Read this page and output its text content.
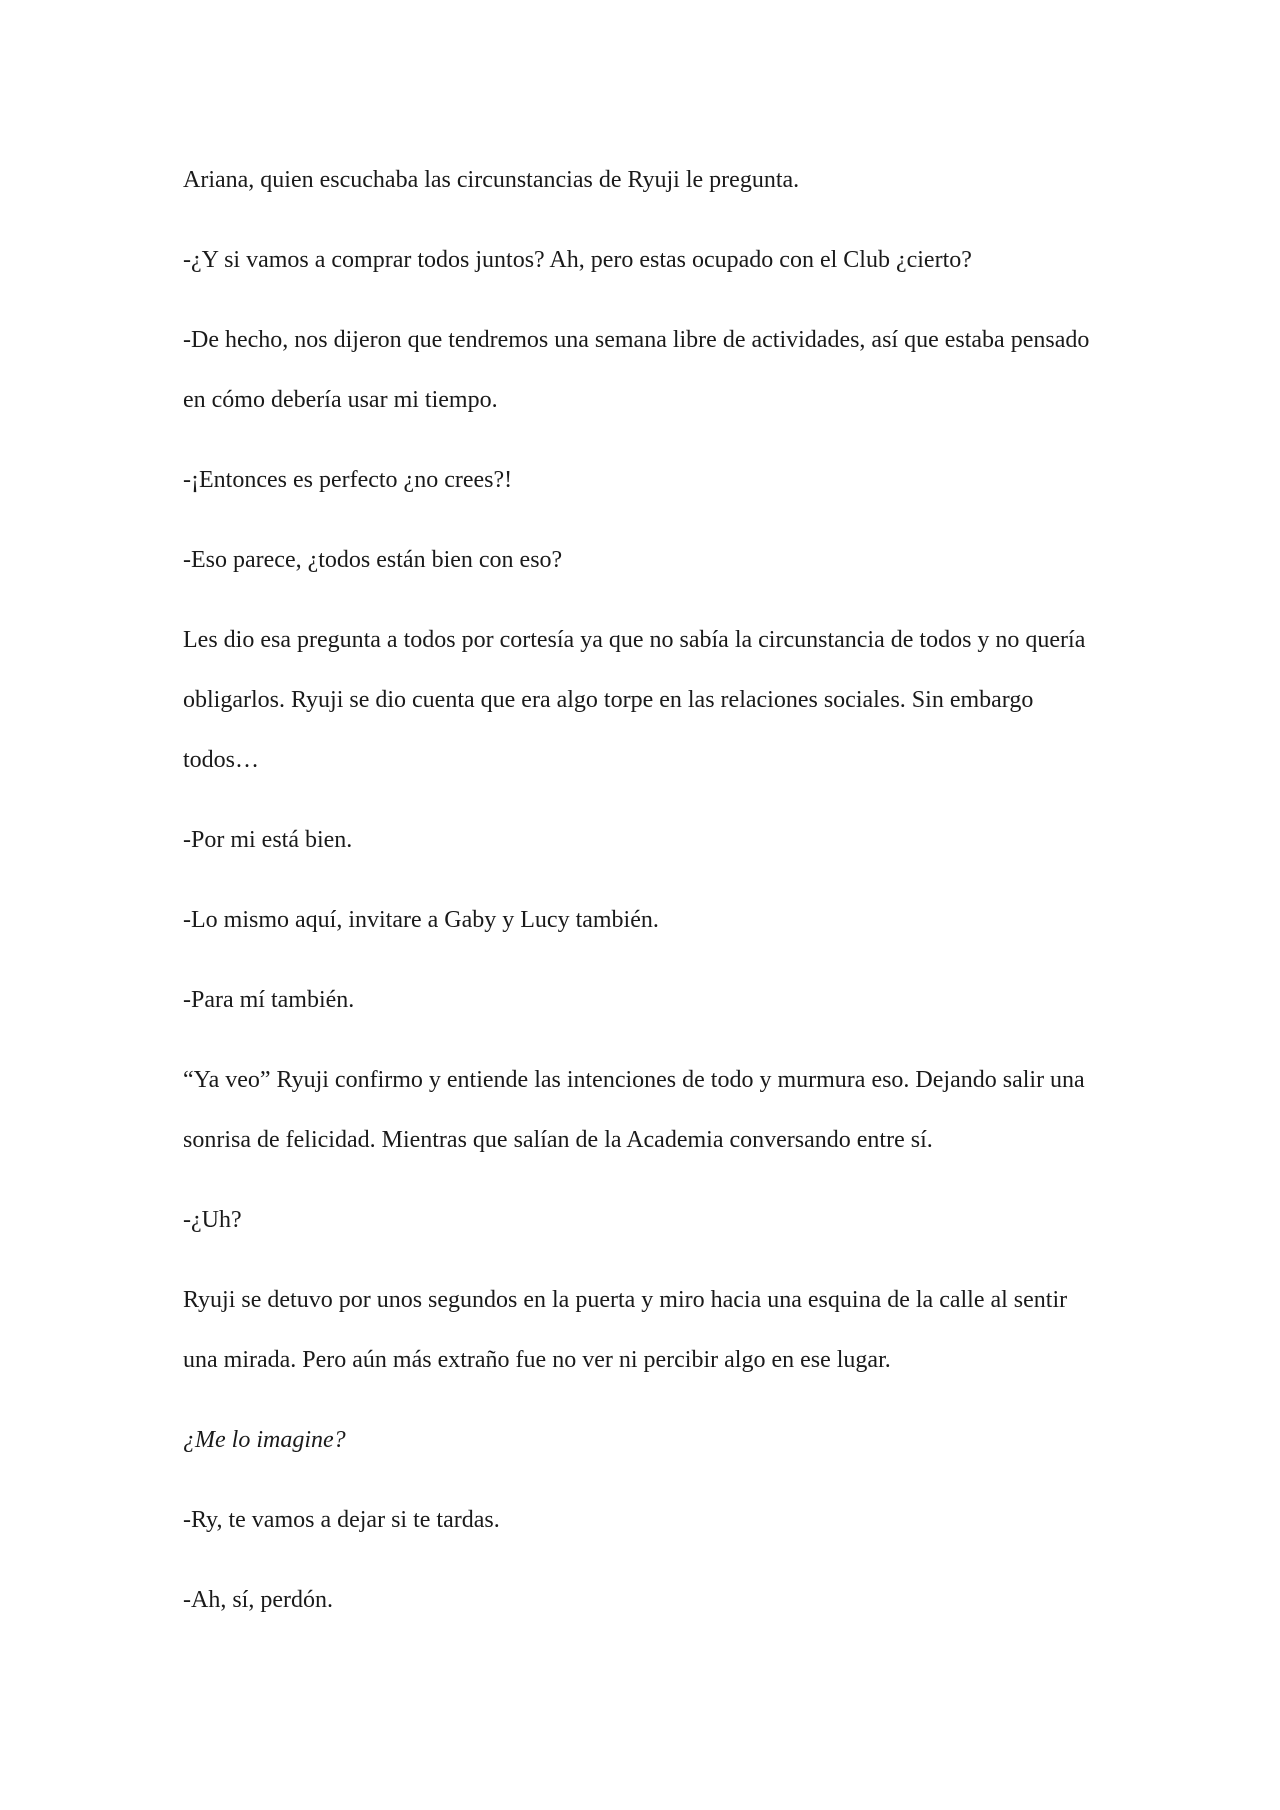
Ariana, quien escuchaba las circunstancias de Ryuji le pregunta.

-¿Y si vamos a comprar todos juntos? Ah, pero estas ocupado con el Club ¿cierto?

-De hecho, nos dijeron que tendremos una semana libre de actividades, así que estaba pensado en cómo debería usar mi tiempo.

-¡Entonces es perfecto ¿no crees?!

-Eso parece, ¿todos están bien con eso?

Les dio esa pregunta a todos por cortesía ya que no sabía la circunstancia de todos y no quería obligarlos. Ryuji se dio cuenta que era algo torpe en las relaciones sociales. Sin embargo todos…

-Por mi está bien.

-Lo mismo aquí, invitare a Gaby y Lucy también.

-Para mí también.

“Ya veo” Ryuji confirmo y entiende las intenciones de todo y murmura eso. Dejando salir una sonrisa de felicidad. Mientras que salían de la Academia conversando entre sí.

-¿Uh?

Ryuji se detuvo por unos segundos en la puerta y miro hacia una esquina de la calle al sentir una mirada. Pero aún más extraño fue no ver ni percibir algo en ese lugar.

¿Me lo imagine?

-Ry, te vamos a dejar si te tardas.

-Ah, sí, perdón.
